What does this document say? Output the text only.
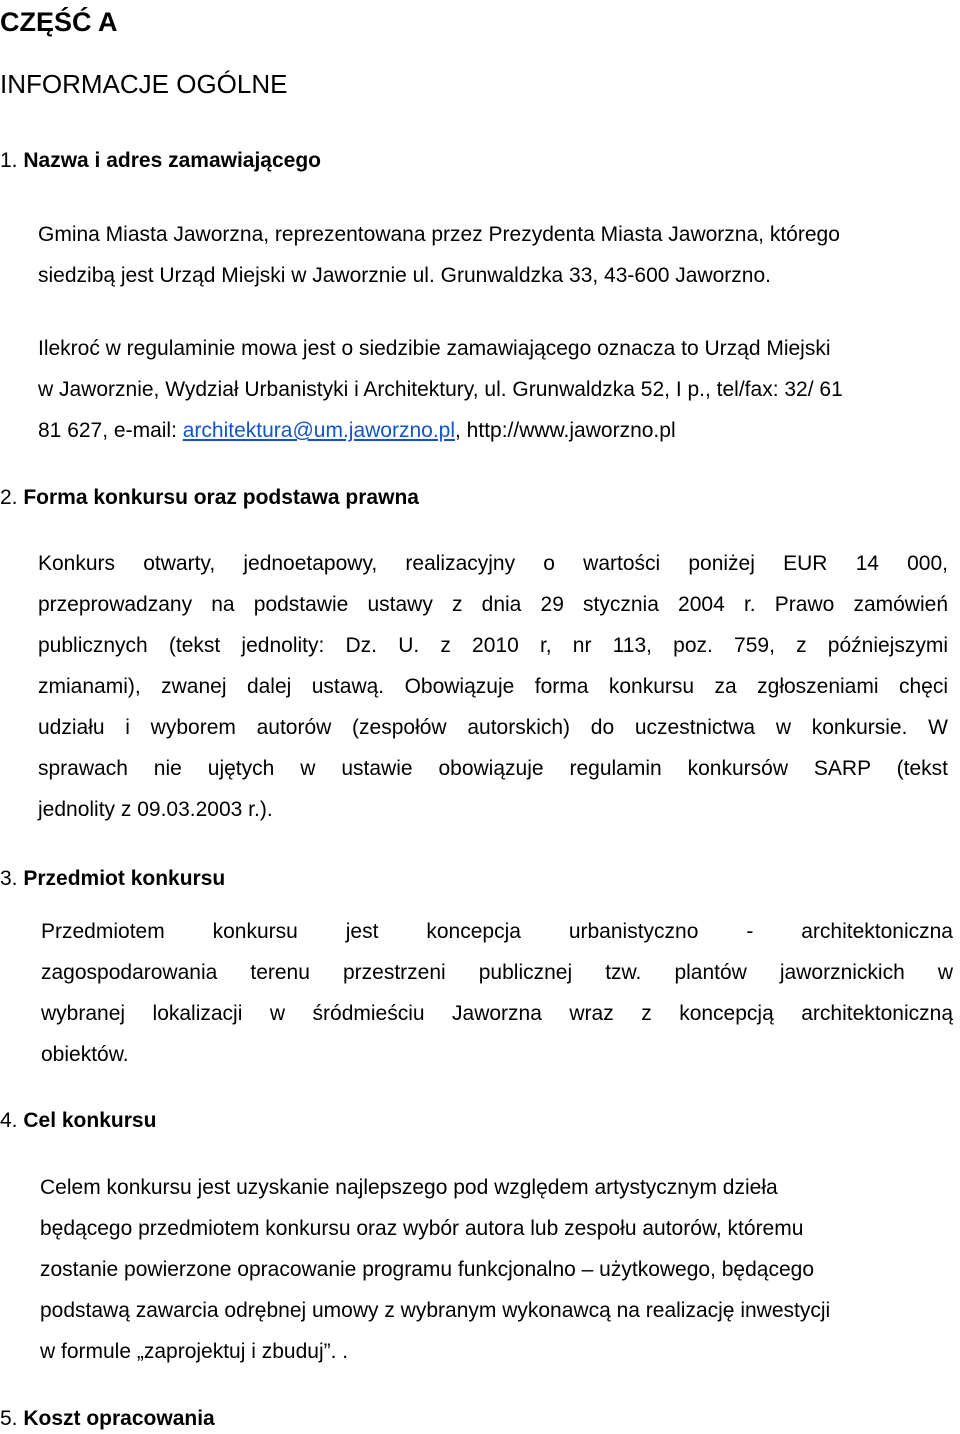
CZĘŚĆ A
INFORMACJE OGÓLNE
1. Nazwa i adres zamawiającego
Gmina Miasta Jaworzna, reprezentowana przez Prezydenta Miasta Jaworzna, którego
siedzibą jest Urząd Miejski w Jaworznie ul. Grunwaldzka 33, 43-600 Jaworzno.
Ilekroć w regulaminie mowa jest o siedzibie zamawiającego oznacza to Urząd Miejski
w Jaworznie, Wydział Urbanistyki i Architektury, ul. Grunwaldzka 52, I p., tel/fax: 32/ 61
81 627, e-mail: architektura@um.jaworzno.pl, http://www.jaworzno.pl
2. Forma konkursu oraz podstawa prawna
Konkurs otwarty, jednoetapowy, realizacyjny o wartości poniżej EUR 14 000,
przeprowadzany na podstawie ustawy z dnia 29 stycznia 2004 r. Prawo zamówień
publicznych (tekst jednolity: Dz. U. z 2010 r, nr 113, poz. 759, z późniejszymi
zmianami), zwanej dalej ustawą. Obowiązuje forma konkursu za zgłoszeniami chęci
udziału i wyborem autorów (zespołów autorskich) do uczestnictwa w konkursie. W
sprawach nie ujętych w ustawie obowiązuje regulamin konkursów SARP (tekst
jednolity z 09.03.2003 r.).
3. Przedmiot konkursu
Przedmiotem konkursu jest koncepcja urbanistyczno - architektoniczna
zagospodarowania terenu przestrzeni publicznej tzw. plantów jaworznickich w
wybranej lokalizacji w śródmieściu Jaworzna wraz z koncepcją architektoniczną
obiektów.
4. Cel konkursu
Celem konkursu jest uzyskanie najlepszego pod względem artystycznym dzieła
będącego przedmiotem konkursu oraz wybór autora lub zespołu autorów, któremu
zostanie powierzone opracowanie programu funkcjonalno – użytkowego, będącego
podstawą zawarcia odrębnej umowy z wybranym wykonawcą na realizację inwestycji
w formule „zaprojektuj i zbuduj”. .
5. Koszt opracowania
